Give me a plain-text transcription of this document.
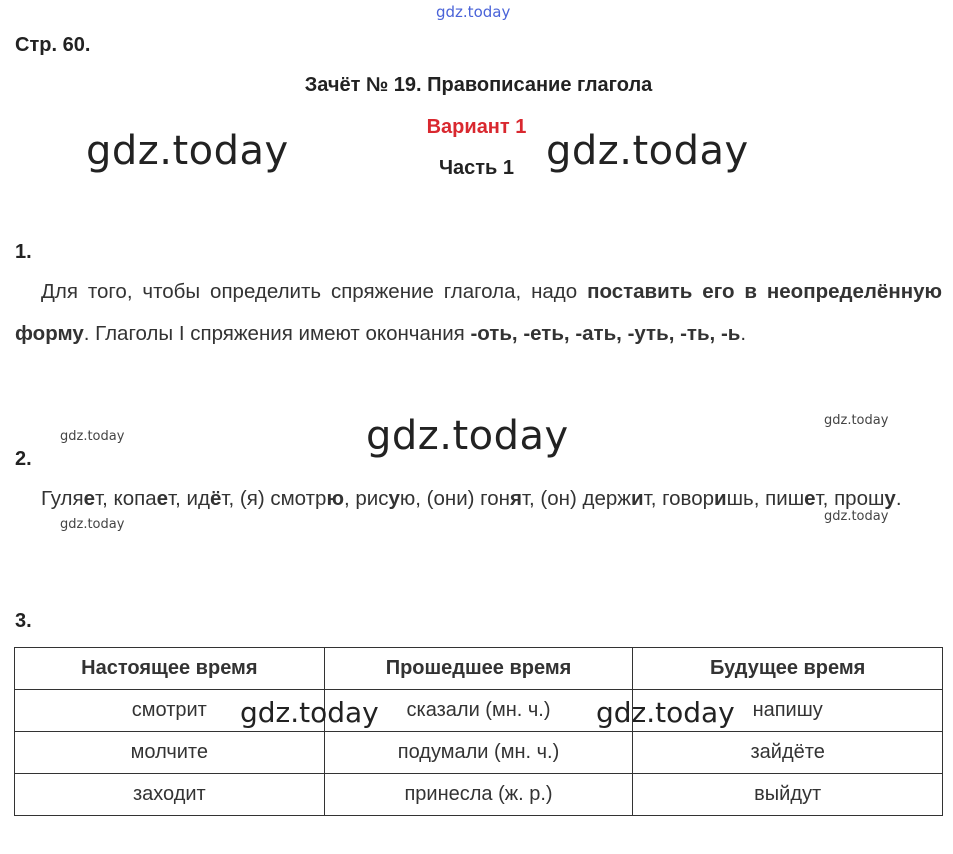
gdz.today
gdz.today	gdz.today
gdz.today
gdz.today
gdz.today
gdz.today
gdz.today
Стр. 60.
Зачёт № 19. Правописание глагола
Вариант 1
Часть 1
1.
Для того, чтобы определить спряжение глагола, надо поставить его в неопределённую форму. Глаголы I спряжения имеют окончания -оть, -еть, -ать, -уть, -ть, -ь.
2.
Гуляет, копает, идёт, (я) смотрю, рисую, (они) гонят, (он) держит, говоришь, пишет, прошу.
3.
Настоящее время	Прошедшее время	Будущее время
смотрит	сказали (мн. ч.)	напишу
молчите	подумали (мн. ч.)	зайдёте
заходит	принесла (ж. р.)	выйдут
gdz.today	gdz.today
